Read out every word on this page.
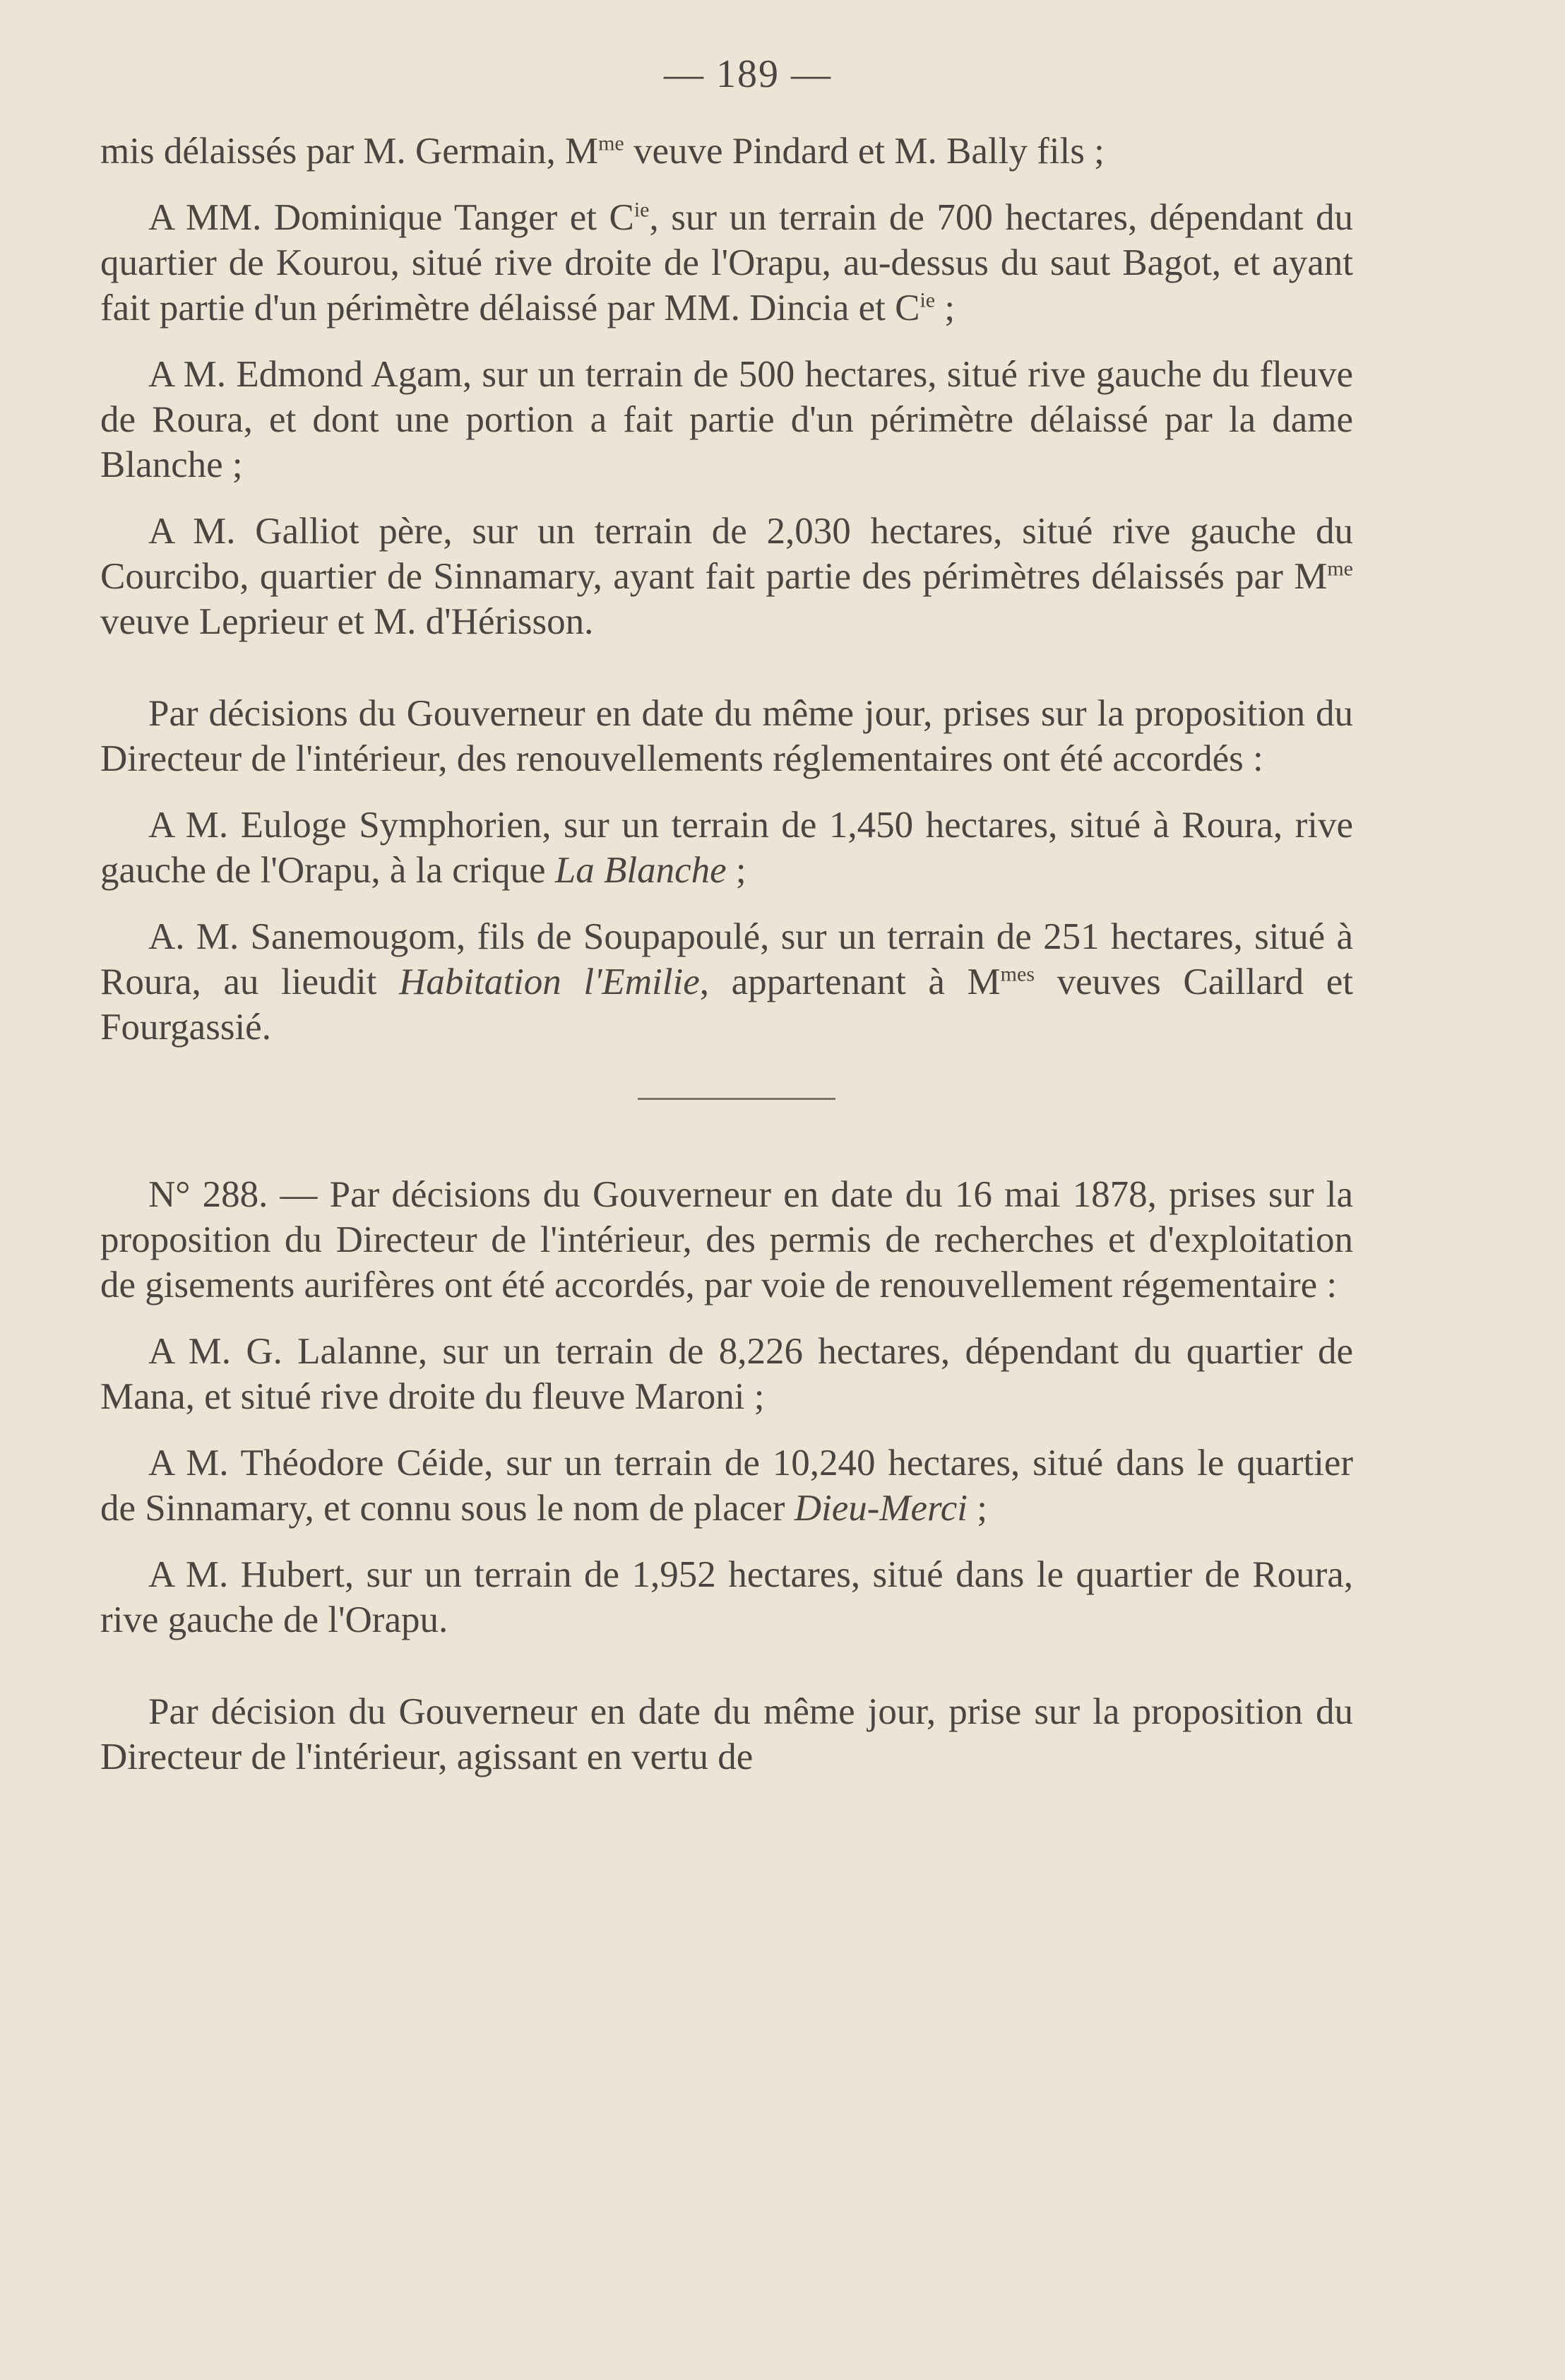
— 189 —

mis délaissés par M. Germain, $M^{me}$ veuve Pindard et M. Bally fils ;

A MM. Dominique Tanger et $C^{ie}$, sur un terrain de 700 hectares, dépendant du quartier de Kourou, situé rive droite de l'Orapu, au-dessus du saut Bagot, et ayant fait partie d'un périmètre délaissé par MM. Dincia et $C^{ie}$ ;

A M. Edmond Agam, sur un terrain de 500 hectares, situé rive gauche du fleuve de Roura, et dont une portion a fait partie d'un périmètre délaissé par la dame Blanche ;

A M. Galliot père, sur un terrain de 2,030 hectares, situé rive gauche du Courcibo, quartier de Sinnamary, ayant fait partie des périmètres délaissés par $M^{me}$ veuve Leprieur et M. d'Hérisson.

Par décisions du Gouverneur en date du même jour, prises sur la proposition du Directeur de l'intérieur, des renouvellements réglementaires ont été accordés :

A M. Euloge Symphorien, sur un terrain de 1,450 hectares, situé à Roura, rive gauche de l'Orapu, à la crique La Blanche ;

A. M. Sanemougom, fils de Soupapoulé, sur un terrain de 251 hectares, situé à Roura, au lieudit Habitation l'Emilie, appartenant à $M^{mes}$ veuves Caillard et Fourgassié.

N° 288. — Par décisions du Gouverneur en date du 16 mai 1878, prises sur la proposition du Directeur de l'intérieur, des permis de recherches et d'exploitation de gisements aurifères ont été accordés, par voie de renouvellement régementaire :

A M. G. Lalanne, sur un terrain de 8,226 hectares, dépendant du quartier de Mana, et situé rive droite du fleuve Maroni ;

A M. Théodore Céide, sur un terrain de 10,240 hectares, situé dans le quartier de Sinnamary, et connu sous le nom de placer Dieu-Merci ;

A M. Hubert, sur un terrain de 1,952 hectares, situé dans le quartier de Roura, rive gauche de l'Orapu.

Par décision du Gouverneur en date du même jour, prise sur la proposition du Directeur de l'intérieur, agissant en vertu de
